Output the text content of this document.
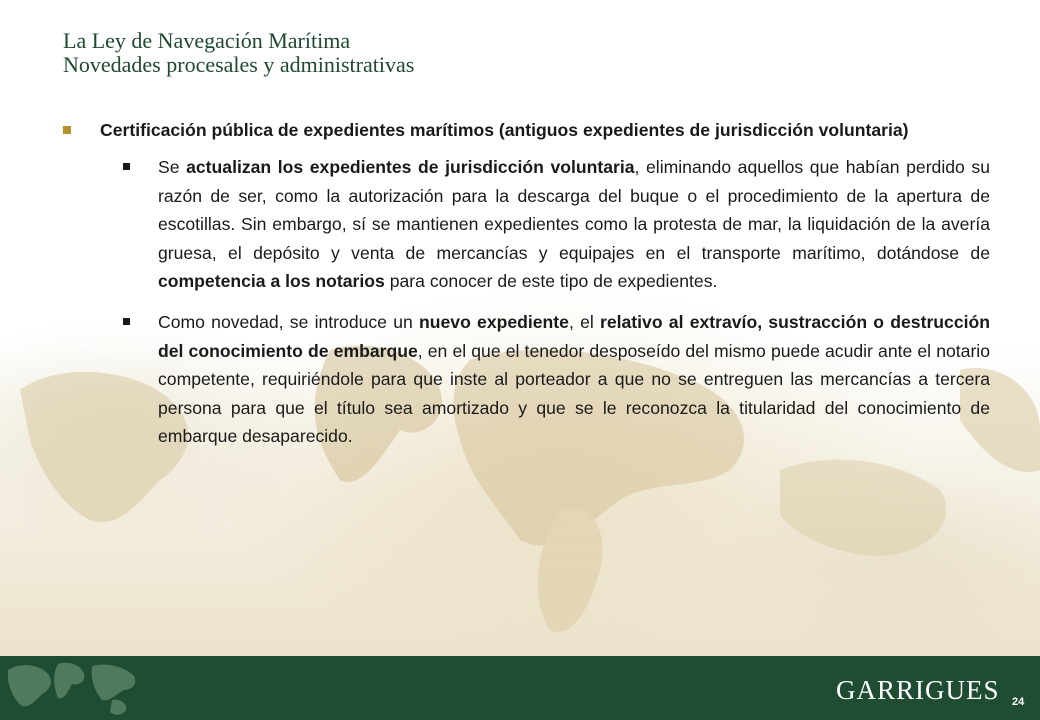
La Ley de Navegación Marítima
Novedades procesales y administrativas
Certificación pública de expedientes marítimos (antiguos expedientes de jurisdicción voluntaria)
Se actualizan los expedientes de jurisdicción voluntaria, eliminando aquellos que habían perdido su razón de ser, como la autorización para la descarga del buque o el procedimiento de la apertura de escotillas. Sin embargo, sí se mantienen expedientes como la protesta de mar, la liquidación de la avería gruesa, el depósito y venta de mercancías y equipajes en el transporte marítimo, dotándose de competencia a los notarios para conocer de este tipo de expedientes.
Como novedad, se introduce un nuevo expediente, el relativo al extravío, sustracción o destrucción del conocimiento de embarque, en el que el tenedor desposeído del mismo puede acudir ante el notario competente, requiriéndole para que inste al porteador a que no se entreguen las mercancías a tercera persona para que el título sea amortizado y que se le reconozca la titularidad del conocimiento de embarque desaparecido.
GARRIGUES 24
